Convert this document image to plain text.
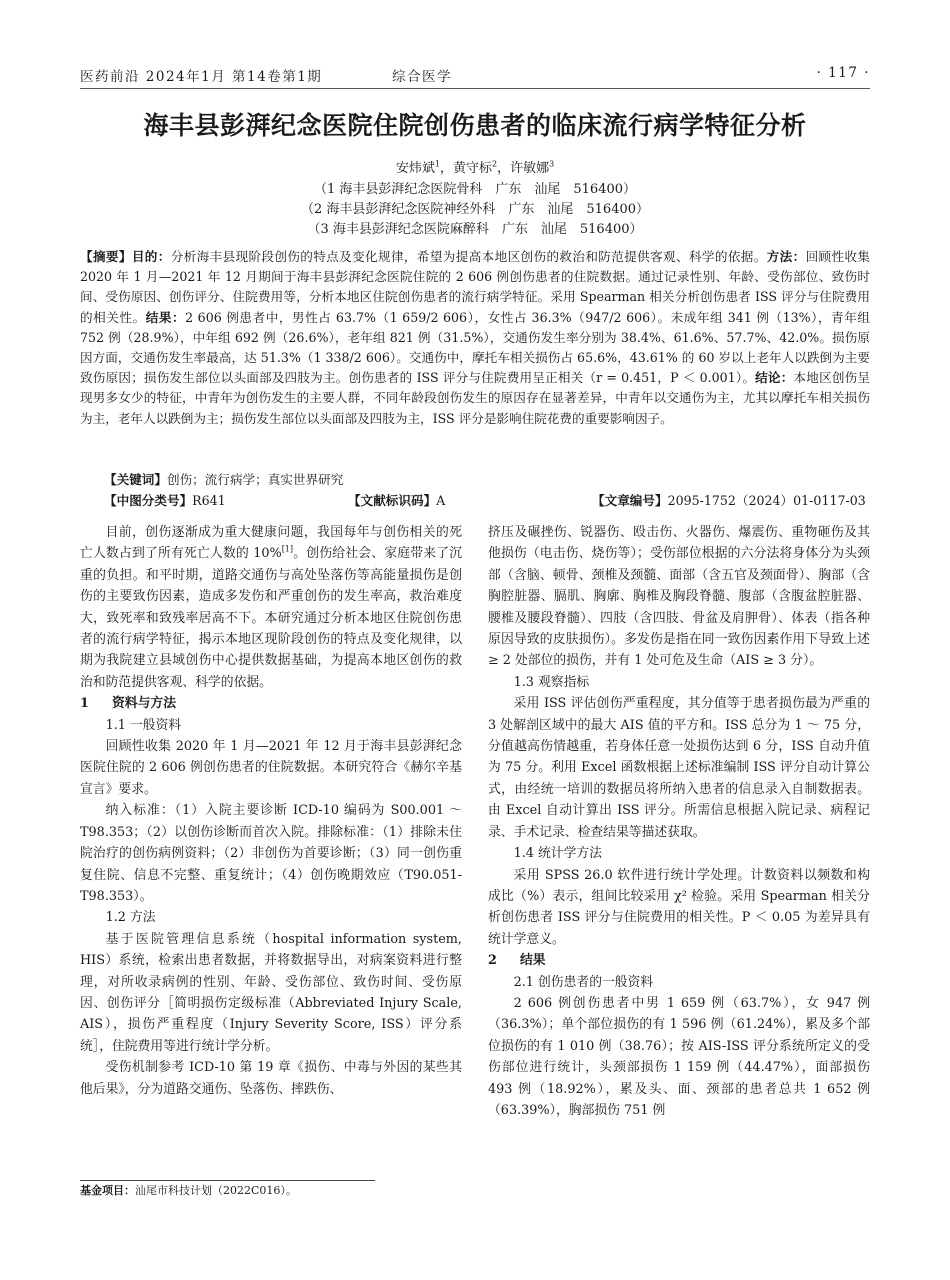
医药前沿 2024年1月 第14卷第1期	综合医学	· 117 ·
海丰县彭湃纪念医院住院创伤患者的临床流行病学特征分析
安炜斌$^1$，黄守标$^2$，许敏娜$^3$
（1 海丰县彭湃纪念医院骨科　广东　汕尾　516400）
（2 海丰县彭湃纪念医院神经外科　广东　汕尾　516400）
（3 海丰县彭湃纪念医院麻醉科　广东　汕尾　516400）

【摘要】目的：分析海丰县现阶段创伤的特点及变化规律，希望为提高本地区创伤的救治和防范提供客观、科学的依据。方法：回顾性收集 2020 年 1 月—2021 年 12 月期间于海丰县彭湃纪念医院住院的 2 606 例创伤患者的住院数据。通过记录性别、年龄、受伤部位、致伤时间、受伤原因、创伤评分、住院费用等，分析本地区住院创伤患者的流行病学特征。采用 Spearman 相关分析创伤患者 ISS 评分与住院费用的相关性。结果：2 606 例患者中，男性占 63.7%（1 659/2 606），女性占 36.3%（947/2 606）。未成年组 341 例（13%），青年组 752 例（28.9%），中年组 692 例（26.6%），老年组 821 例（31.5%），交通伤发生率分别为 38.4%、61.6%、57.7%、42.0%。损伤原因方面，交通伤发生率最高，达 51.3%（1 338/2 606）。交通伤中，摩托车相关损伤占 65.6%，43.61% 的 60 岁以上老年人以跌倒为主要致伤原因；损伤发生部位以头面部及四肢为主。创伤患者的 ISS 评分与住院费用呈正相关（r = 0.451，P ＜ 0.001）。结论：本地区创伤呈现男多女少的特征，中青年为创伤发生的主要人群，不同年龄段创伤发生的原因存在显著差异，中青年以交通伤为主，尤其以摩托车相关损伤为主，老年人以跌倒为主；损伤发生部位以头面部及四肢为主，ISS 评分是影响住院花费的重要影响因子。

【关键词】创伤；流行病学；真实世界研究
【中图分类号】R641	【文献标识码】A	【文章编号】2095-1752（2024）01-0117-03

目前，创伤逐渐成为重大健康问题，我国每年与创伤相关的死亡人数占到了所有死亡人数的 10%[1]。创伤给社会、家庭带来了沉重的负担。和平时期，道路交通伤与高处坠落伤等高能量损伤是创伤的主要致伤因素，造成多发伤和严重创伤的发生率高，救治难度大，致死率和致残率居高不下。本研究通过分析本地区住院创伤患者的流行病学特征，揭示本地区现阶段创伤的特点及变化规律，以期为我院建立县域创伤中心提供数据基础，为提高本地区创伤的救治和防范提供客观、科学的依据。

1 资料与方法

1.1 一般资料

回顾性收集 2020 年 1 月—2021 年 12 月于海丰县彭湃纪念医院住院的 2 606 例创伤患者的住院数据。本研究符合《赫尔辛基宣言》要求。

纳入标准：（1）入院主要诊断 ICD-10 编码为 S00.001 ～ T98.353；（2）以创伤诊断而首次入院。排除标准：（1）排除未住院治疗的创伤病例资料；（2）非创伤为首要诊断；（3）同一创伤重复住院、信息不完整、重复统计；（4）创伤晚期效应（T90.051-T98.353）。

1.2 方法

基于医院管理信息系统（hospital information system, HIS）系统，检索出患者数据，并将数据导出，对病案资料进行整理，对所收录病例的性别、年龄、受伤部位、致伤时间、受伤原因、创伤评分［简明损伤定级标准（Abbreviated Injury Scale, AIS），损伤严重程度（Injury Severity Score, ISS）评分系统］，住院费用等进行统计学分析。

受伤机制参考 ICD-10 第 19 章《损伤、中毒与外因的某些其他后果》，分为道路交通伤、坠落伤、摔跌伤、

挤压及碾挫伤、锐器伤、殴击伤、火器伤、爆震伤、重物砸伤及其他损伤（电击伤、烧伤等）；受伤部位根据的六分法将身体分为头颈部（含脑、顿骨、颈椎及颈髓、面部（含五官及颈面骨）、胸部（含胸腔脏器、膈肌、胸廓、胸椎及胸段脊髓、腹部（含腹盆腔脏器、腰椎及腰段脊髓）、四肢（含四肢、骨盆及肩胛骨）、体表（指各种原因导致的皮肤损伤）。多发伤是指在同一致伤因素作用下导致上述≥ 2 处部位的损伤，并有 1 处可危及生命（AIS ≥ 3 分）。

1.3 观察指标

采用 ISS 评估创伤严重程度，其分值等于患者损伤最为严重的 3 处解剖区域中的最大 AIS 值的平方和。ISS 总分为 1 ～ 75 分，分值越高伤情越重，若身体任意一处损伤达到 6 分，ISS 自动升值为 75 分。利用 Excel 函数根据上述标准编制 ISS 评分自动计算公式，由经统一培训的数据员将所纳入患者的信息录入自制数据表。由 Excel 自动计算出 ISS 评分。所需信息根据入院记录、病程记录、手术记录、检查结果等描述获取。

1.4 统计学方法

采用 SPSS 26.0 软件进行统计学处理。计数资料以频数和构成比（%）表示，组间比较采用 χ² 检验。采用 Spearman 相关分析创伤患者 ISS 评分与住院费用的相关性。P ＜ 0.05 为差异具有统计学意义。

2 结果

2.1 创伤患者的一般资料

2 606 例创伤患者中男 1 659 例（63.7%），女 947 例（36.3%）；单个部位损伤的有 1 596 例（61.24%），累及多个部位损伤的有 1 010 例（38.76）；按 AIS-ISS 评分系统所定义的受伤部位进行统计，头颈部损伤 1 159 例（44.47%），面部损伤 493 例（18.92%），累及头、面、颈部的患者总共 1 652 例（63.39%），胸部损伤 751 例

基金项目：汕尾市科技计划（2022C016）。
